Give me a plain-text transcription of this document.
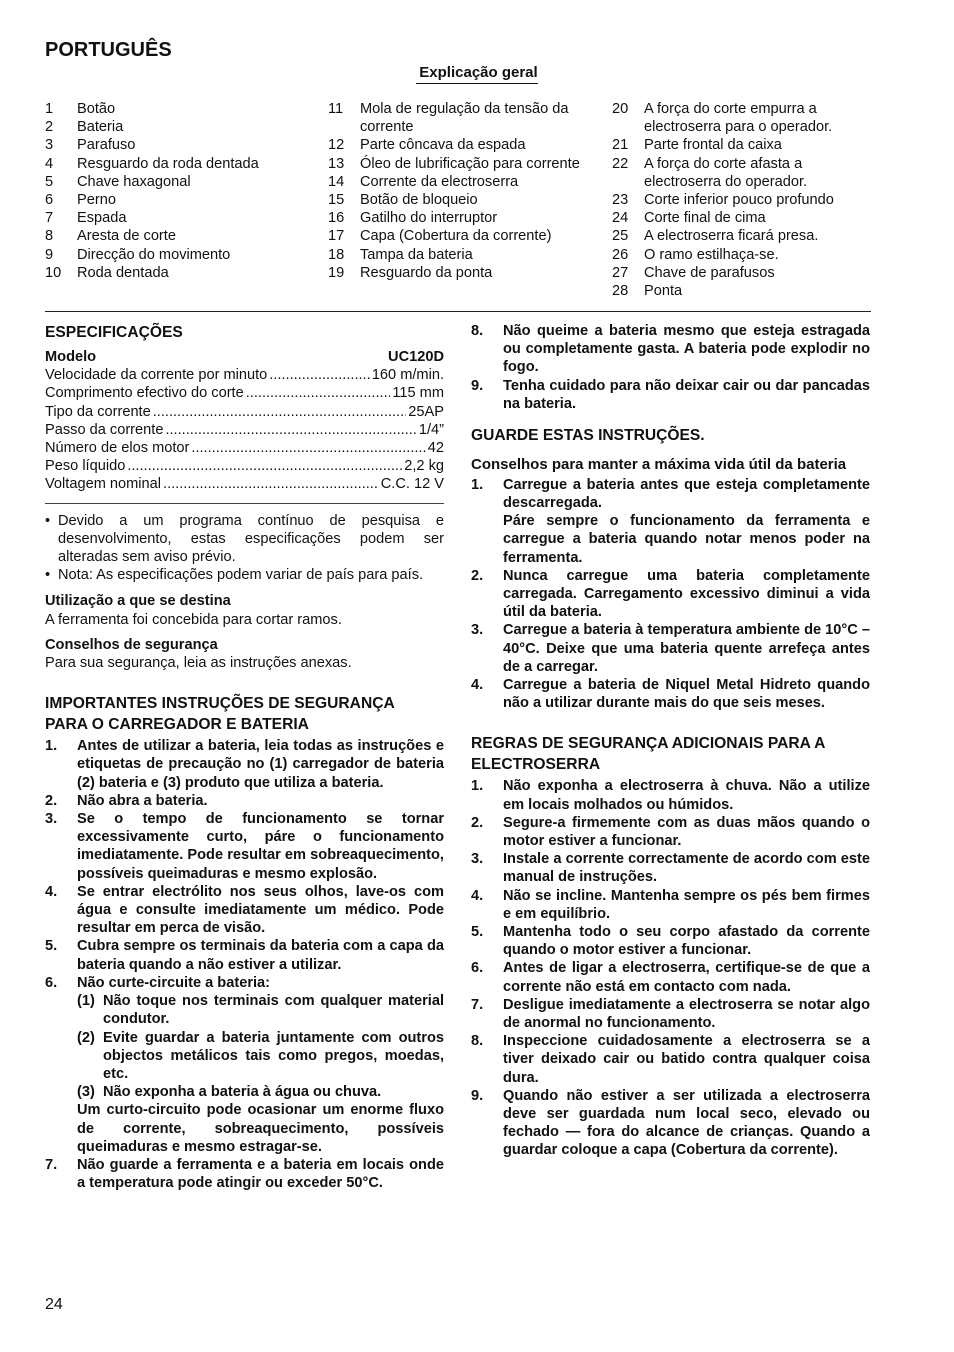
PORTUGUÊS
Explicação geral
1	Botão
2	Bateria
3	Parafuso
4	Resguardo da roda dentada
5	Chave haxagonal
6	Perno
7	Espada
8	Aresta de corte
9	Direcção do movimento
10	Roda dentada
11	Mola de regulação da tensão da corrente
12	Parte côncava da espada
13	Óleo de lubrificação para corrente
14	Corrente da electroserra
15	Botão de bloqueio
16	Gatilho do interruptor
17	Capa (Cobertura da corrente)
18	Tampa da bateria
19	Resguardo da ponta
20	A força do corte empurra a electroserra para o operador.
21	Parte frontal da caixa
22	A força do corte afasta a electroserra do operador.
23	Corte inferior pouco profundo
24	Corte final de cima
25	A electroserra ficará presa.
26	O ramo estilhaça-se.
27	Chave de parafusos
28	Ponta
ESPECIFICAÇÕES
Modelo	UC120D
Velocidade da corrente por minuto .....	160 m/min.
Comprimento efectivo do corte .....	115 mm
Tipo da corrente .....	25AP
Passo da corrente .....	1/4”
Número de elos motor .....	42
Peso líquido .....	2,2 kg
Voltagem nominal .....	C.C. 12 V
• Devido a um programa contínuo de pesquisa e desenvolvimento, estas especificações podem ser alteradas sem aviso prévio.
• Nota: As especificações podem variar de país para país.
Utilização a que se destina
A ferramenta foi concebida para cortar ramos.
Conselhos de segurança
Para sua segurança, leia as instruções anexas.
IMPORTANTES INSTRUÇÕES DE SEGURANÇA PARA O CARREGADOR E BATERIA
1.	Antes de utilizar a bateria, leia todas as instruções e etiquetas de precaução no (1) carregador de bateria (2) bateria e (3) produto que utiliza a bateria.
2.	Não abra a bateria.
3.	Se o tempo de funcionamento se tornar excessivamente curto, páre o funcionamento imediatamente. Pode resultar em sobreaquecimento, possíveis queimaduras e mesmo explosão.
4.	Se entrar electrólito nos seus olhos, lave-os com água e consulte imediatamente um médico. Pode resultar em perca de visão.
5.	Cubra sempre os terminais da bateria com a capa da bateria quando a não estiver a utilizar.
6.	Não curte-circuite a bateria:
(1) Não toque nos terminais com qualquer material condutor.
(2) Evite guardar a bateria juntamente com outros objectos metálicos tais como pregos, moedas, etc.
(3) Não exponha a bateria à água ou chuva.
Um curto-circuito pode ocasionar um enorme fluxo de corrente, sobreaquecimento, possíveis queimaduras e mesmo estragar-se.
7.	Não guarde a ferramenta e a bateria em locais onde a temperatura pode atingir ou exceder 50°C.
8.	Não queime a bateria mesmo que esteja estragada ou completamente gasta. A bateria pode explodir no fogo.
9.	Tenha cuidado para não deixar cair ou dar pancadas na bateria.
GUARDE ESTAS INSTRUÇÕES.
Conselhos para manter a máxima vida útil da bateria
1.	Carregue a bateria antes que esteja completamente descarregada.
Páre sempre o funcionamento da ferramenta e carregue a bateria quando notar menos poder na ferramenta.
2.	Nunca carregue uma bateria completamente carregada. Carregamento excessivo diminui a vida útil da bateria.
3.	Carregue a bateria à temperatura ambiente de 10°C – 40°C. Deixe que uma bateria quente arrefeça antes de a carregar.
4.	Carregue a bateria de Niquel Metal Hidreto quando não a utilizar durante mais do que seis meses.
REGRAS DE SEGURANÇA ADICIONAIS PARA A ELECTROSERRA
1.	Não exponha a electroserra à chuva. Não a utilize em locais molhados ou húmidos.
2.	Segure-a firmemente com as duas mãos quando o motor estiver a funcionar.
3.	Instale a corrente correctamente de acordo com este manual de instruções.
4.	Não se incline. Mantenha sempre os pés bem firmes e em equilíbrio.
5.	Mantenha todo o seu corpo afastado da corrente quando o motor estiver a funcionar.
6.	Antes de ligar a electroserra, certifique-se de que a corrente não está em contacto com nada.
7.	Desligue imediatamente a electroserra se notar algo de anormal no funcionamento.
8.	Inspeccione cuidadosamente a electroserra se a tiver deixado cair ou batido contra qualquer coisa dura.
9.	Quando não estiver a ser utilizada a electroserra deve ser guardada num local seco, elevado ou fechado — fora do alcance de crianças. Quando a guardar coloque a capa (Cobertura da corrente).
24
